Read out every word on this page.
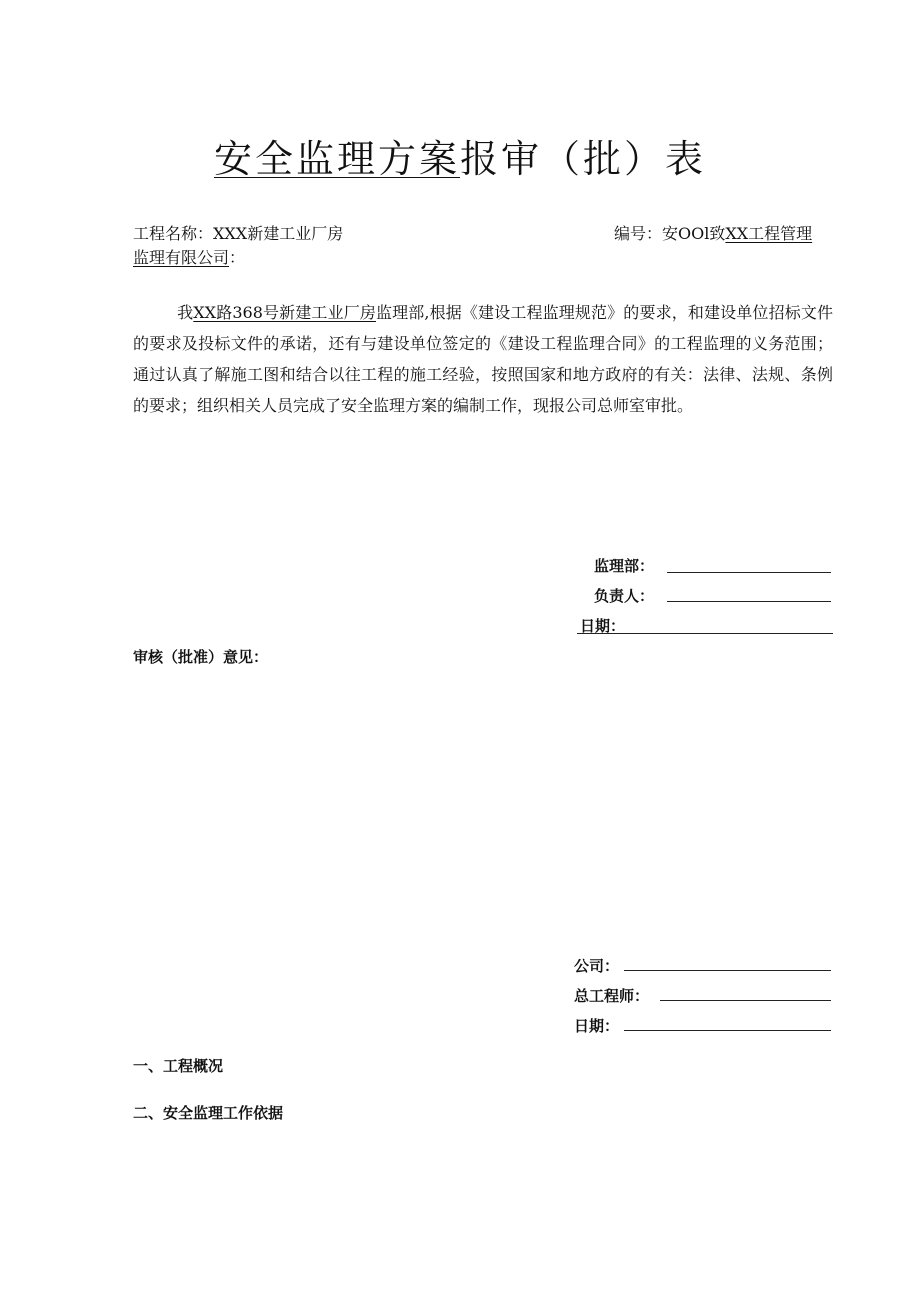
安全监理方案报审（批）表
工程名称：XXX新建工业厂房	编号：安OOl致XX工程管理
监理有限公司：
我XX路368号新建工业厂房监理部,根据《建设工程监理规范》的要求，和建设单位招标文件的要求及投标文件的承诺，还有与建设单位签定的《建设工程监理合同》的工程监理的义务范围；通过认真了解施工图和结合以往工程的施工经验，按照国家和地方政府的有关：法律、法规、条例的要求；组织相关人员完成了安全监理方案的编制工作，现报公司总师室审批。
监理部：
负责人：
日期：
审核（批准）意见：
公司：
总工程师：
日期：
一、工程概况
二、安全监理工作依据
